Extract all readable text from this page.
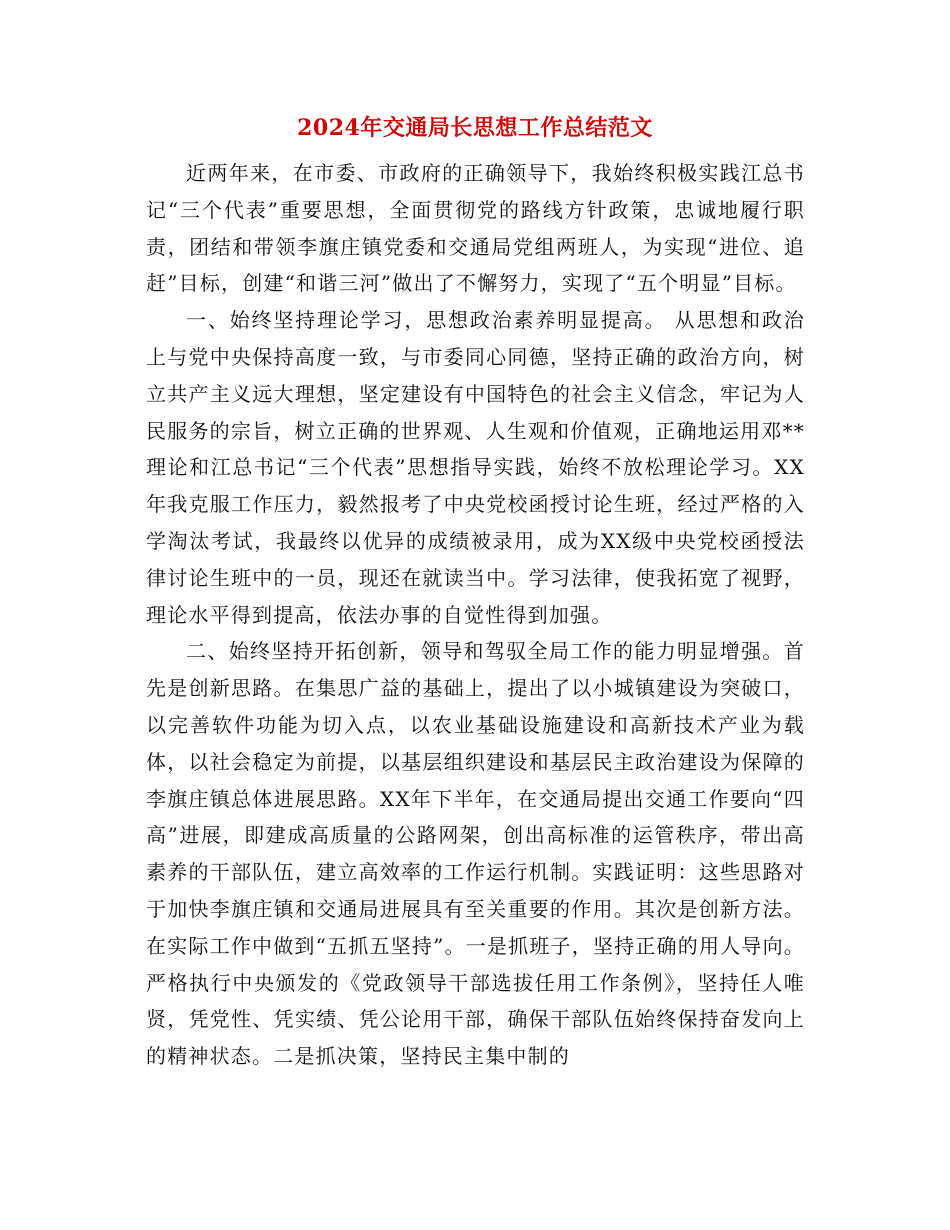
2024年交通局长思想工作总结范文

近两年来，在市委、市政府的正确领导下，我始终积极实践江总书记“三个代表”重要思想，全面贯彻党的路线方针政策，忠诚地履行职责，团结和带领李旗庄镇党委和交通局党组两班人，为实现“进位、追赶”目标，创建“和谐三河”做出了不懈努力，实现了“五个明显”目标。

一、始终坚持理论学习，思想政治素养明显提高。 从思想和政治上与党中央保持高度一致，与市委同心同德，坚持正确的政治方向，树立共产主义远大理想，坚定建设有中国特色的社会主义信念，牢记为人民服务的宗旨，树立正确的世界观、人生观和价值观，正确地运用邓**理论和江总书记“三个代表”思想指导实践，始终不放松理论学习。XX年我克服工作压力，毅然报考了中央党校函授讨论生班，经过严格的入学淘汰考试，我最终以优异的成绩被录用，成为XX级中央党校函授法律讨论生班中的一员，现还在就读当中。学习法律，使我拓宽了视野，理论水平得到提高，依法办事的自觉性得到加强。

二、始终坚持开拓创新，领导和驾驭全局工作的能力明显增强。首先是创新思路。在集思广益的基础上，提出了以小城镇建设为突破口，以完善软件功能为切入点，以农业基础设施建设和高新技术产业为载体，以社会稳定为前提，以基层组织建设和基层民主政治建设为保障的李旗庄镇总体进展思路。XX年下半年，在交通局提出交通工作要向“四高”进展，即建成高质量的公路网架，创出高标准的运管秩序，带出高素养的干部队伍，建立高效率的工作运行机制。实践证明：这些思路对于加快李旗庄镇和交通局进展具有至关重要的作用。其次是创新方法。在实际工作中做到“五抓五坚持”。一是抓班子，坚持正确的用人导向。严格执行中央颁发的《党政领导干部选拔任用工作条例》，坚持任人唯贤，凭党性、凭实绩、凭公论用干部，确保干部队伍始终保持奋发向上的精神状态。二是抓决策，坚持民主集中制的
